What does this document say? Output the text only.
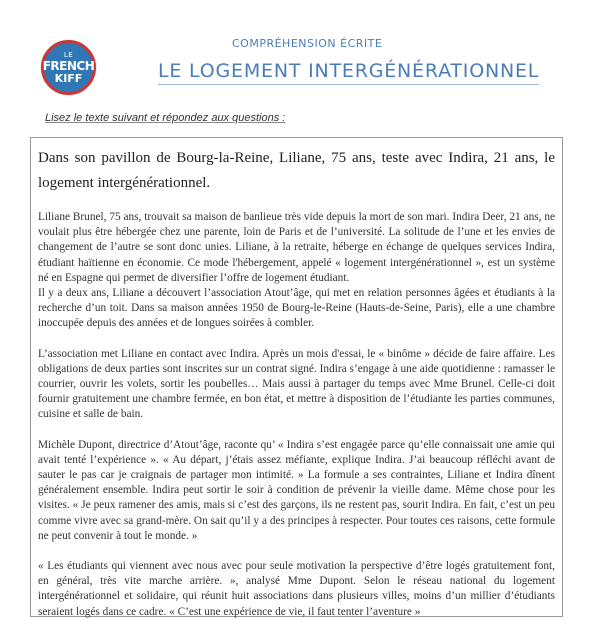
LE
FRENCH
KIFF
COMPRÉHENSION ÉCRITE
LE LOGEMENT INTERGÉNÉRATIONNEL
Lisez le texte suivant et répondez aux questions :

Dans son pavillon de Bourg-la-Reine, Liliane, 75 ans, teste avec Indira, 21 ans, le logement intergénérationnel.

Liliane Brunel, 75 ans, trouvait sa maison de banlieue très vide depuis la mort de son mari. Indira Deer, 21 ans, ne voulait plus être hébergée chez une parente, loin de Paris et de l’université. La solitude de l’une et les envies de changement de l’autre se sont donc unies. Liliane, à la retraite, héberge en échange de quelques services Indira, étudiant haïtienne en économie. Ce mode l'hébergement, appelé « logement intergénérationnel », est un système né en Espagne qui permet de diversifier l’offre de logement étudiant.

Il y a deux ans, Liliane a découvert l’association Atout’âge, qui met en relation personnes âgées et étudiants à la recherche d’un toit. Dans sa maison années 1950 de Bourg-le-Reine (Hauts-de-Seine, Paris), elle a une chambre inoccupée depuis des années et de longues soirées à combler.

L’association met Liliane en contact avec Indira. Après un mois d'essai, le « binôme » décide de faire affaire. Les obligations de deux parties sont inscrites sur un contrat signé. Indira s’engage à une aide quotidienne : ramasser le courrier, ouvrir les volets, sortir les poubelles… Mais aussi à partager du temps avec Mme Brunel. Celle-ci doit fournir gratuitement une chambre fermée, en bon état, et mettre à disposition de l’étudiante les parties communes, cuisine et salle de bain.

Michèle Dupont, directrice d’Atout’âge, raconte qu’ « Indira s’est engagée parce qu’elle connaissait une amie qui avait tenté l’expérience ». « Au départ, j’étais assez méfiante, explique Indira. J’ai beaucoup réfléchi avant de sauter le pas car je craignais de partager mon intimité. » La formule a ses contraintes, Liliane et Indira dînent généralement ensemble. Indira peut sortir le soir à condition de prévenir la vieille dame. Même chose pour les visites. « Je peux ramener des amis, mais si c’est des garçons, ils ne restent pas, sourit Indira. En fait, c’est un peu comme vivre avec sa grand-mère. On sait qu’il y a des principes à respecter. Pour toutes ces raisons, cette formule ne peut convenir à tout le monde. »

« Les étudiants qui viennent avec nous avec pour seule motivation la perspective d’être logés gratuitement font, en général, très vite marche arrière. », analysé Mme Dupont. Selon le réseau national du logement intergénérationnel et solidaire, qui réunit huit associations dans plusieurs villes, moins d’un millier d’étudiants seraient logés dans ce cadre. « C’est une expérience de vie, il faut tenter l’aventure »
